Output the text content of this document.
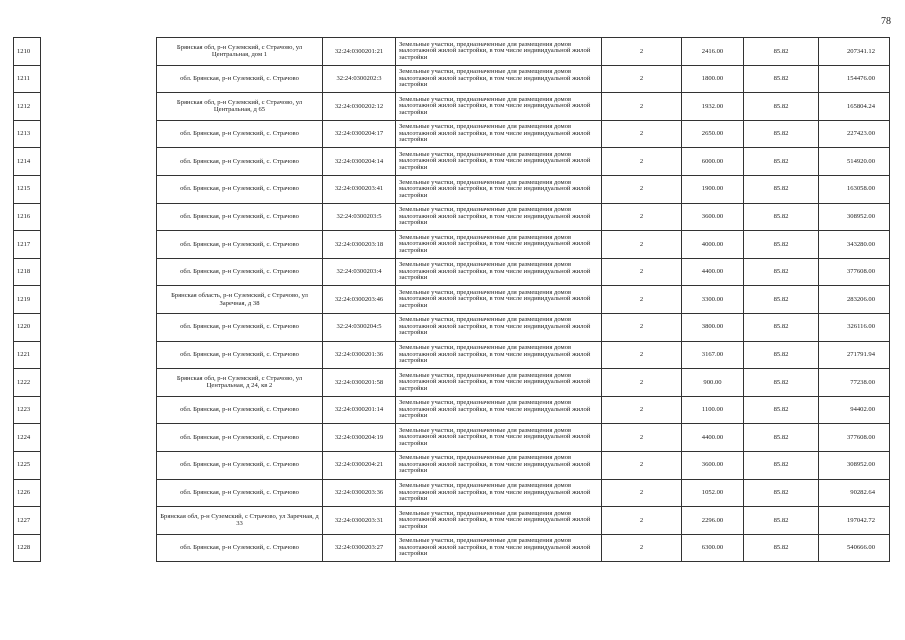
78
1210		Брянская обл, р-н Суземский, с Страчово, ул Центральная, дом 1	32:24:0300201:21	Земельные участки, предназначенные для размещения домов малоэтажной жилой застройки, в том числе индивидуальной жилой застройки	2	2416.00	85.82	207341.12
1211		обл. Брянская, р-н Суземский, с. Страчово	32:24:0300202:3	Земельные участки, предназначенные для размещения домов малоэтажной жилой застройки, в том числе индивидуальной жилой застройки	2	1800.00	85.82	154476.00
1212		Брянская обл, р-н Суземский, с Страчово, ул Центральная, д 65	32:24:0300202:12	Земельные участки, предназначенные для размещения домов малоэтажной жилой застройки, в том числе индивидуальной жилой застройки	2	1932.00	85.82	165804.24
1213		обл. Брянская, р-н Суземский, с. Страчово	32:24:0300204:17	Земельные участки, предназначенные для размещения домов малоэтажной жилой застройки, в том числе индивидуальной жилой застройки	2	2650.00	85.82	227423.00
1214		обл. Брянская, р-н Суземский, с. Страчово	32:24:0300204:14	Земельные участки, предназначенные для размещения домов малоэтажной жилой застройки, в том числе индивидуальной жилой застройки	2	6000.00	85.82	514920.00
1215		обл. Брянская, р-н Суземский, с. Страчово	32:24:0300203:41	Земельные участки, предназначенные для размещения домов малоэтажной жилой застройки, в том числе индивидуальной жилой застройки	2	1900.00	85.82	163058.00
1216		обл. Брянская, р-н Суземский, с. Страчово	32:24:0300203:5	Земельные участки, предназначенные для размещения домов малоэтажной жилой застройки, в том числе индивидуальной жилой застройки	2	3600.00	85.82	308952.00
1217		обл. Брянская, р-н Суземский, с. Страчово	32:24:0300203:18	Земельные участки, предназначенные для размещения домов малоэтажной жилой застройки, в том числе индивидуальной жилой застройки	2	4000.00	85.82	343280.00
1218		обл. Брянская, р-н Суземский, с. Страчово	32:24:0300203:4	Земельные участки, предназначенные для размещения домов малоэтажной жилой застройки, в том числе индивидуальной жилой застройки	2	4400.00	85.82	377608.00
1219		Брянская область, р-н Суземский, с Страчово, ул Заречная, д 38	32:24:0300203:46	Земельные участки, предназначенные для размещения домов малоэтажной жилой застройки, в том числе индивидуальной жилой застройки	2	3300.00	85.82	283206.00
1220		обл. Брянская, р-н Суземский, с. Страчово	32:24:0300204:5	Земельные участки, предназначенные для размещения домов малоэтажной жилой застройки, в том числе индивидуальной жилой застройки	2	3800.00	85.82	326116.00
1221		обл. Брянская, р-н Суземский, с. Страчово	32:24:0300201:36	Земельные участки, предназначенные для размещения домов малоэтажной жилой застройки, в том числе индивидуальной жилой застройки	2	3167.00	85.82	271791.94
1222		Брянская обл, р-н Суземский, с Страчово, ул Центральная, д 24, кв 2	32:24:0300201:58	Земельные участки, предназначенные для размещения домов малоэтажной жилой застройки, в том числе индивидуальной жилой застройки	2	900.00	85.82	77238.00
1223		обл. Брянская, р-н Суземский, с. Страчово	32:24:0300201:14	Земельные участки, предназначенные для размещения домов малоэтажной жилой застройки, в том числе индивидуальной жилой застройки	2	1100.00	85.82	94402.00
1224		обл. Брянская, р-н Суземский, с. Страчово	32:24:0300204:19	Земельные участки, предназначенные для размещения домов малоэтажной жилой застройки, в том числе индивидуальной жилой застройки	2	4400.00	85.82	377608.00
1225		обл. Брянская, р-н Суземский, с. Страчово	32:24:0300204:21	Земельные участки, предназначенные для размещения домов малоэтажной жилой застройки, в том числе индивидуальной жилой застройки	2	3600.00	85.82	308952.00
1226		обл. Брянская, р-н Суземский, с. Страчово	32:24:0300203:36	Земельные участки, предназначенные для размещения домов малоэтажной жилой застройки, в том числе индивидуальной жилой застройки	2	1052.00	85.82	90282.64
1227		Брянская обл, р-н Суземский, с Страчово, ул Заречная, д 33	32:24:0300203:31	Земельные участки, предназначенные для размещения домов малоэтажной жилой застройки, в том числе индивидуальной жилой застройки	2	2296.00	85.82	197042.72
1228		обл. Брянская, р-н Суземский, с. Страчово	32:24:0300203:27	Земельные участки, предназначенные для размещения домов малоэтажной жилой застройки, в том числе индивидуальной жилой застройки	2	6300.00	85.82	540666.00
